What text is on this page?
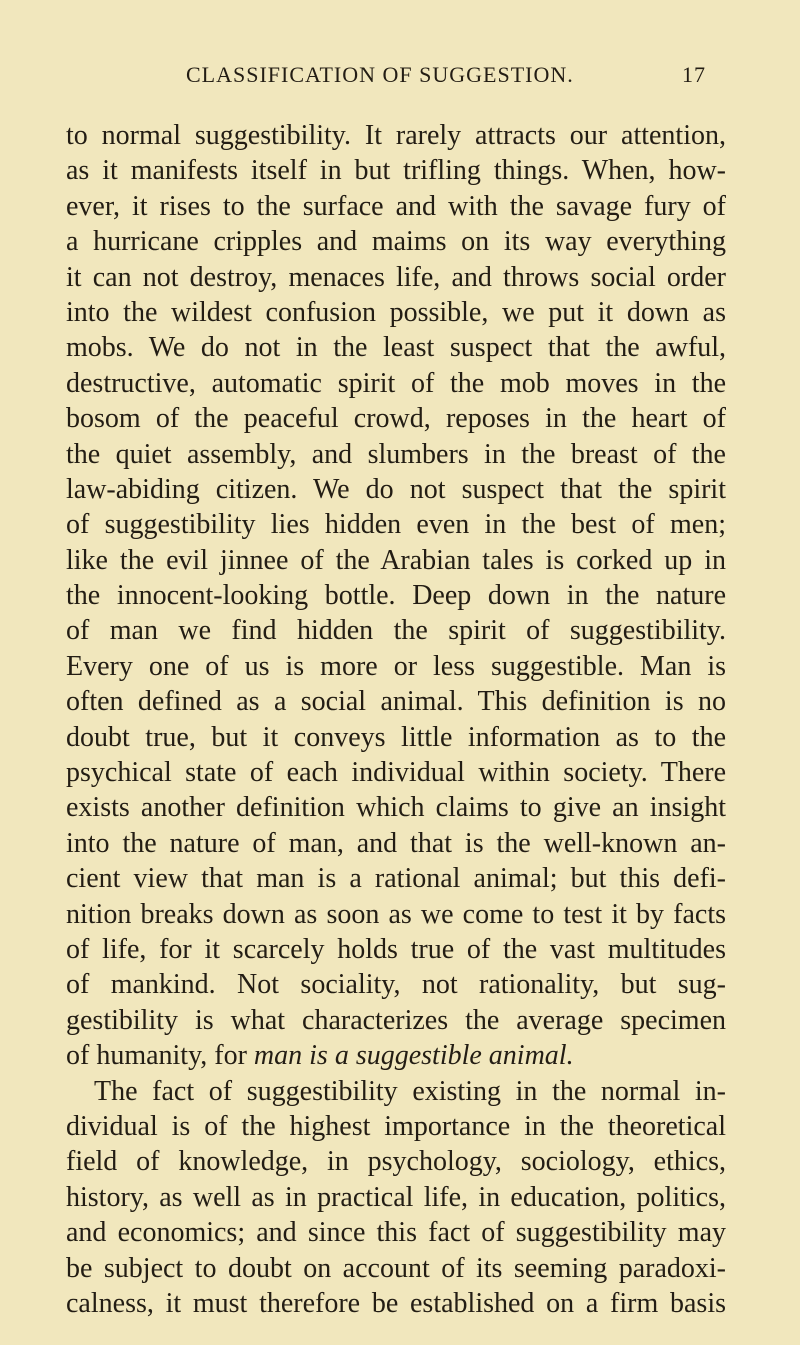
CLASSIFICATION OF SUGGESTION.	17
to normal suggestibility. It rarely attracts our attention,
as it manifests itself in but trifling things. When, how-
ever, it rises to the surface and with the savage fury of
a hurricane cripples and maims on its way everything
it can not destroy, menaces life, and throws social order
into the wildest confusion possible, we put it down as
mobs. We do not in the least suspect that the awful,
destructive, automatic spirit of the mob moves in the
bosom of the peaceful crowd, reposes in the heart of
the quiet assembly, and slumbers in the breast of the
law-abiding citizen. We do not suspect that the spirit
of suggestibility lies hidden even in the best of men;
like the evil jinnee of the Arabian tales is corked up in
the innocent-looking bottle. Deep down in the nature
of man we find hidden the spirit of suggestibility.
Every one of us is more or less suggestible. Man is
often defined as a social animal. This definition is no
doubt true, but it conveys little information as to the
psychical state of each individual within society. There
exists another definition which claims to give an insight
into the nature of man, and that is the well-known an-
cient view that man is a rational animal; but this defi-
nition breaks down as soon as we come to test it by facts
of life, for it scarcely holds true of the vast multitudes
of mankind. Not sociality, not rationality, but sug-
gestibility is what characterizes the average specimen
of humanity, for man is a suggestible animal.
The fact of suggestibility existing in the normal in-
dividual is of the highest importance in the theoretical
field of knowledge, in psychology, sociology, ethics,
history, as well as in practical life, in education, politics,
and economics; and since this fact of suggestibility may
be subject to doubt on account of its seeming paradoxi-
calness, it must therefore be established on a firm basis
